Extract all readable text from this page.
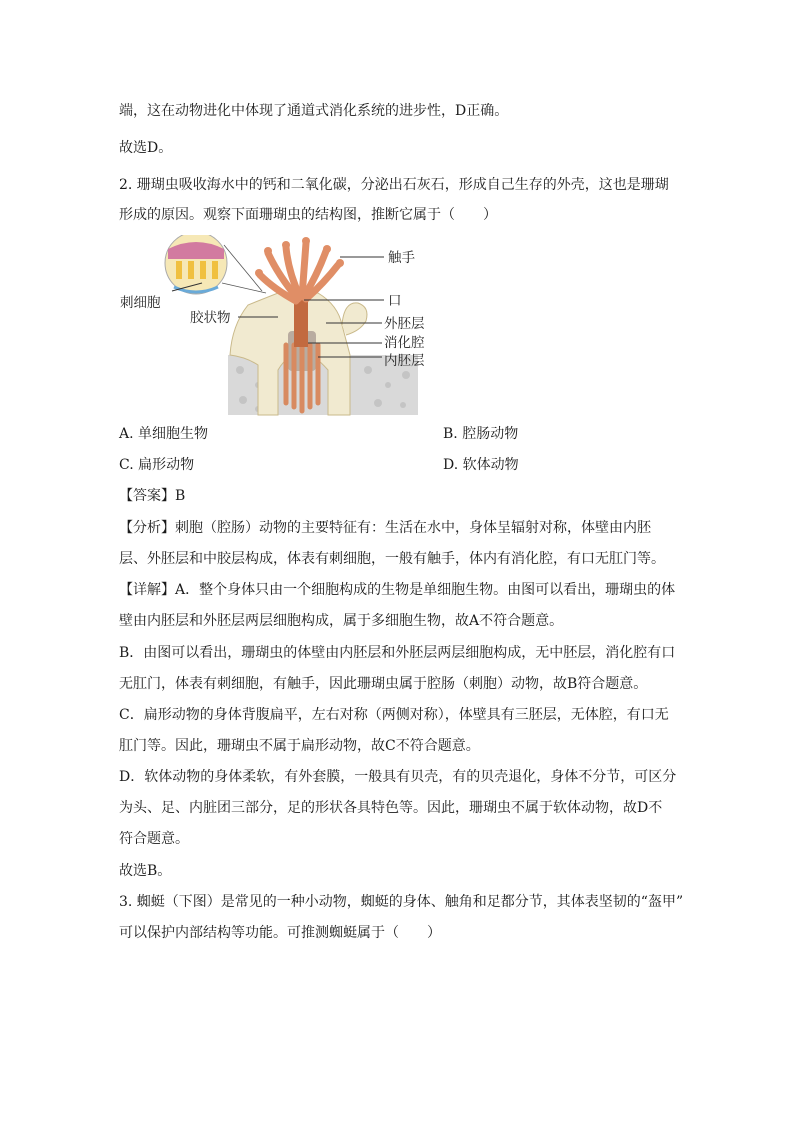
端，这在动物进化中体现了通道式消化系统的进步性，D正确。
故选D。
2. 珊瑚虫吸收海水中的钙和二氧化碳，分泌出石灰石，形成自己生存的外壳，这也是珊瑚
形成的原因。观察下面珊瑚虫的结构图，推断它属于（　　）
触手
刺细胞	口
胶状物	外胚层
消化腔
内胚层
A. 单细胞生物	B. 腔肠动物
C. 扁形动物	D. 软体动物
【答案】B
【分析】刺胞（腔肠）动物的主要特征有：生活在水中，身体呈辐射对称，体壁由内胚
层、外胚层和中胶层构成，体表有刺细胞，一般有触手，体内有消化腔，有口无肛门等。
【详解】A．整个身体只由一个细胞构成的生物是单细胞生物。由图可以看出，珊瑚虫的体
壁由内胚层和外胚层两层细胞构成，属于多细胞生物，故A不符合题意。
B．由图可以看出，珊瑚虫的体壁由内胚层和外胚层两层细胞构成，无中胚层，消化腔有口
无肛门，体表有刺细胞，有触手，因此珊瑚虫属于腔肠（刺胞）动物，故B符合题意。
C．扁形动物的身体背腹扁平，左右对称（两侧对称），体壁具有三胚层，无体腔，有口无
肛门等。因此，珊瑚虫不属于扁形动物，故C不符合题意。
D．软体动物的身体柔软，有外套膜，一般具有贝壳，有的贝壳退化，身体不分节，可区分
为头、足、内脏团三部分，足的形状各具特色等。因此，珊瑚虫不属于软体动物，故D不
符合题意。
故选B。
3. 蜘蜓（下图）是常见的一种小动物，蜘蜓的身体、触角和足都分节，其体表坚韧的“盔甲”
可以保护内部结构等功能。可推测蜘蜓属于（　　）
